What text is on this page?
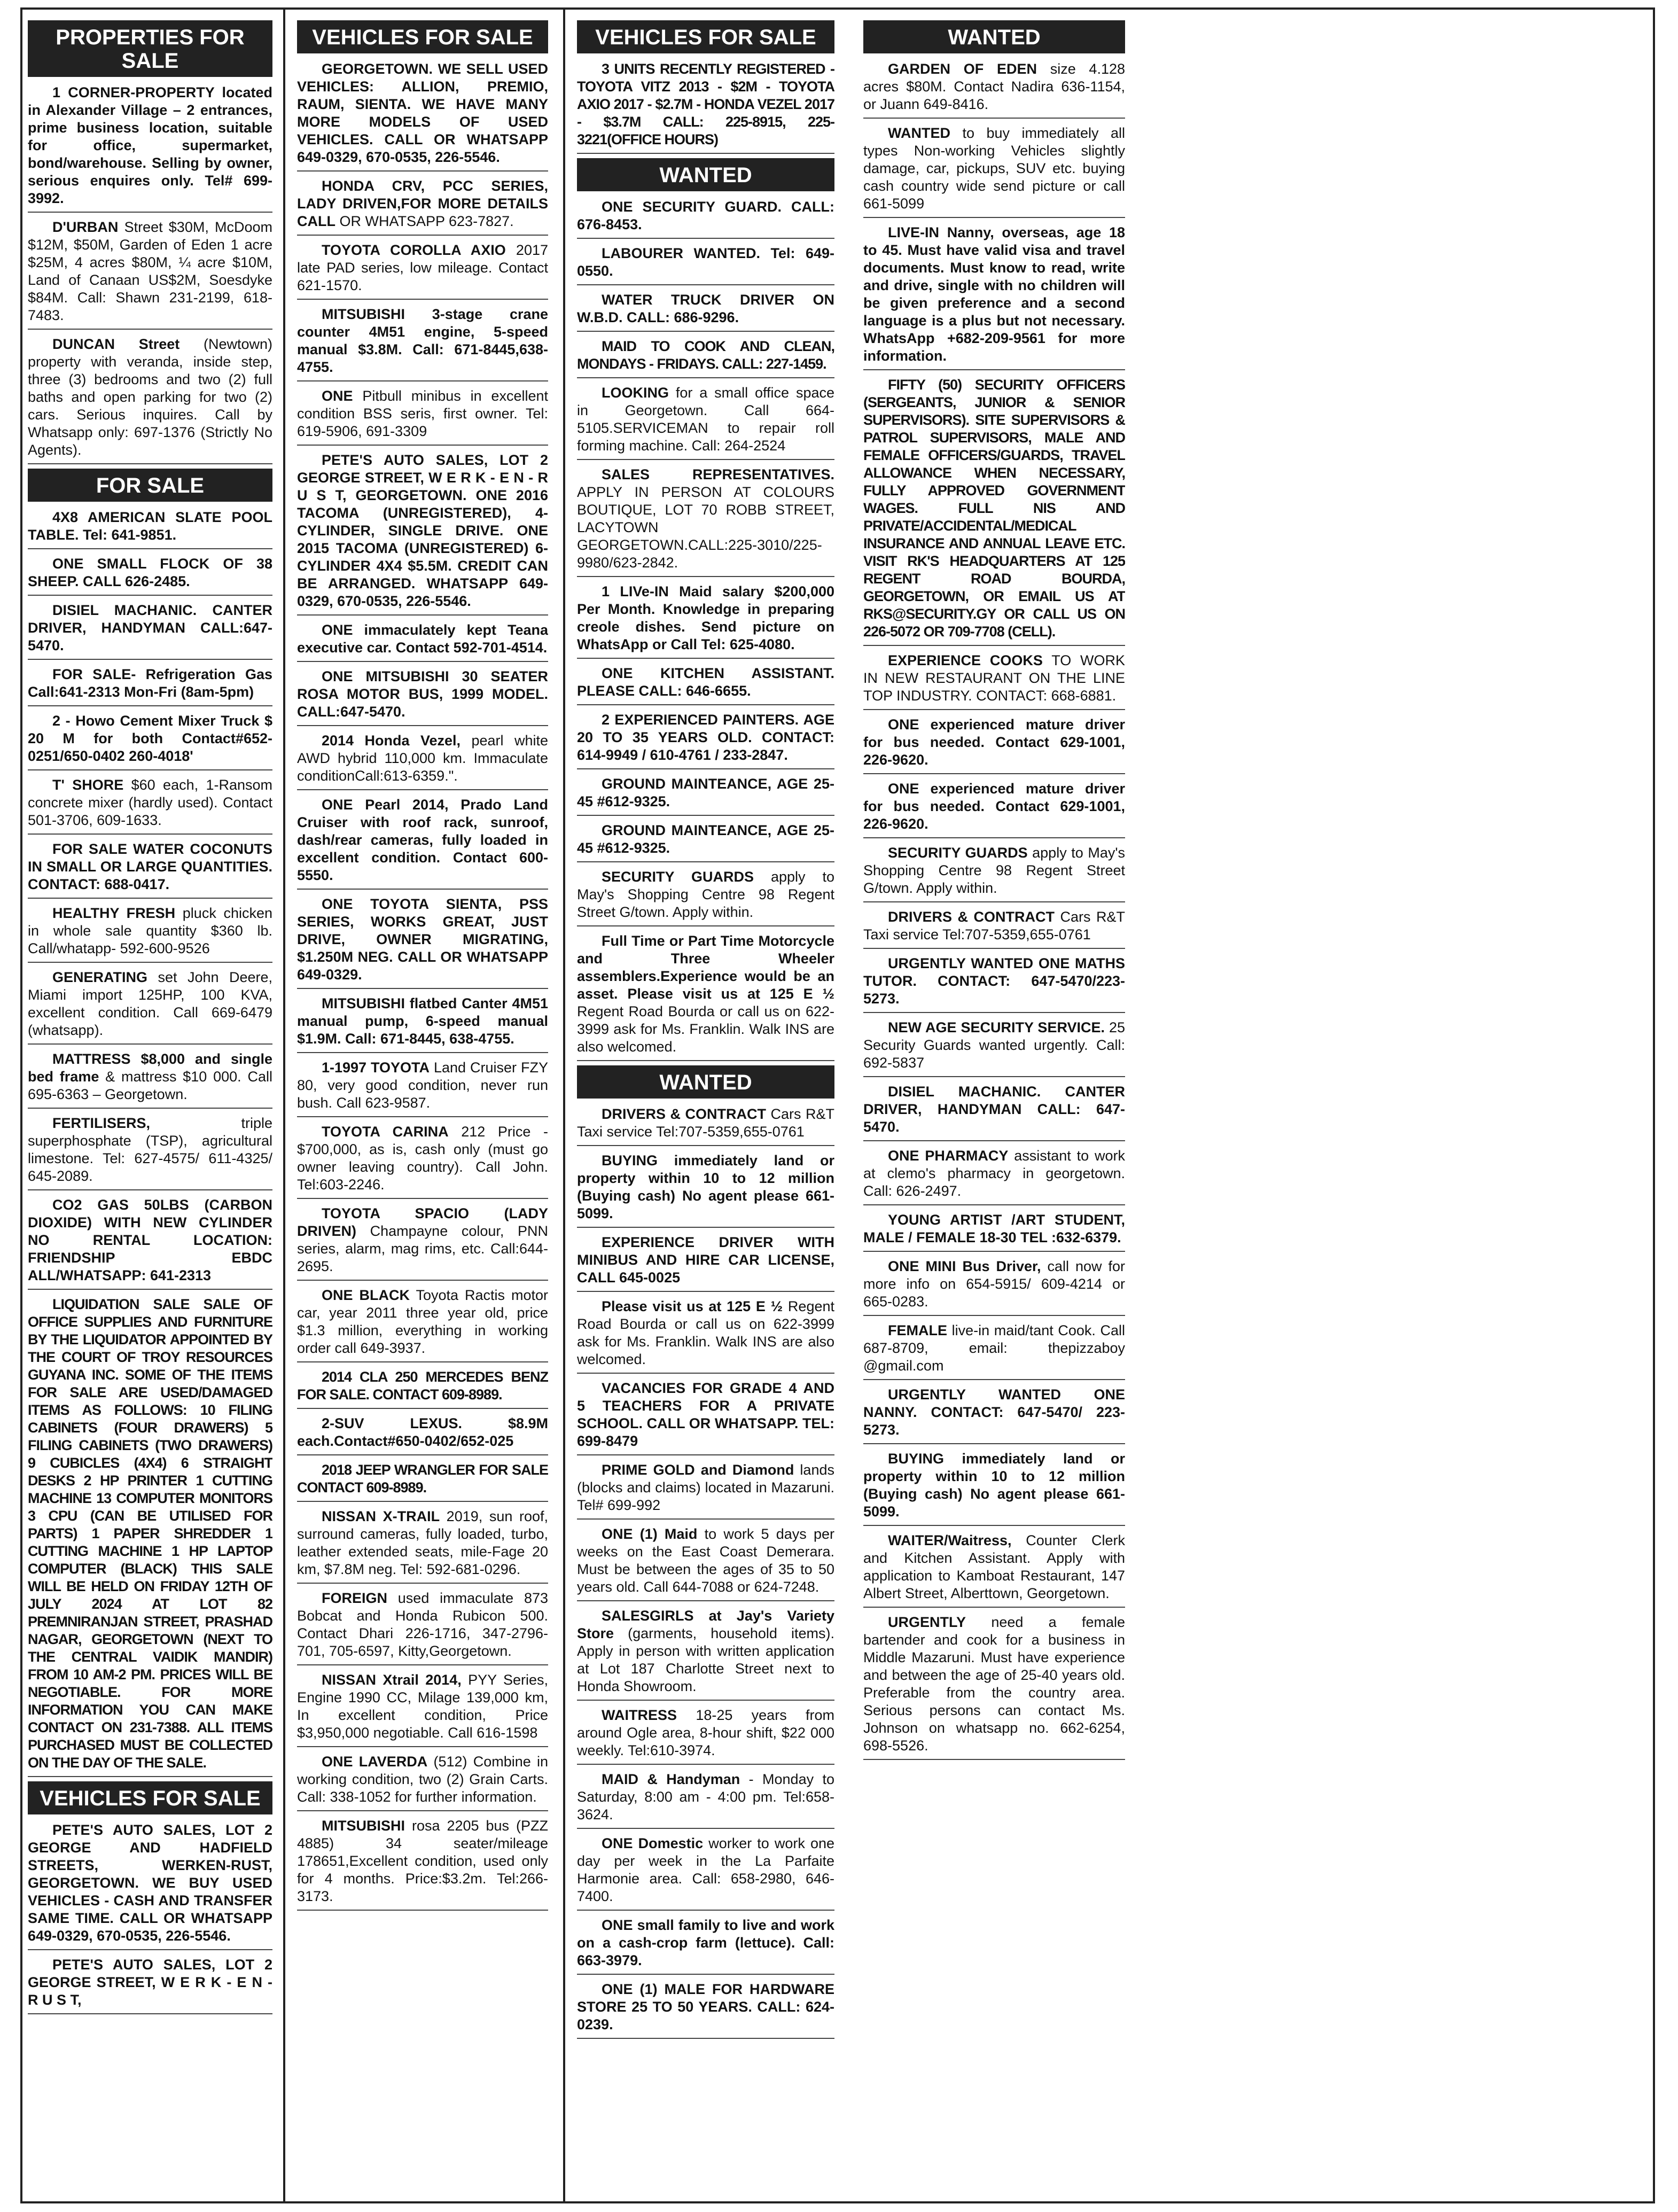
PROPERTIES FOR SALE
1 CORNER-PROPERTY located in Alexander Village – 2 entrances, prime business location, suitable for office, supermarket, bond/warehouse. Selling by owner, serious enquires only. Tel# 699-3992.
D'URBAN Street $30M, McDoom $12M, $50M, Garden of Eden 1 acre $25M, 4 acres $80M, ¼ acre $10M, Land of Canaan US$2M, Soesdyke $84M. Call: Shawn 231-2199, 618-7483.
DUNCAN Street (Newtown) property with veranda, inside step, three (3) bedrooms and two (2) full baths and open parking for two (2) cars. Serious inquires. Call by Whatsapp only: 697-1376 (Strictly No Agents).
FOR SALE
4X8 AMERICAN SLATE POOL TABLE. Tel: 641-9851.
ONE SMALL FLOCK OF 38 SHEEP. CALL 626-2485.
DISIEL MACHANIC. CANTER DRIVER, HANDYMAN CALL:647-5470.
FOR SALE- Refrigeration Gas Call:641-2313 Mon-Fri (8am-5pm)
2 - Howo Cement Mixer Truck $ 20 M for both Contact#652-0251/650-0402 260-4018'
T' SHORE $60 each, 1-Ransom concrete mixer (hardly used). Contact 501-3706, 609-1633.
FOR SALE WATER COCONUTS IN SMALL OR LARGE QUANTITIES. CONTACT: 688-0417.
HEALTHY FRESH pluck chicken in whole sale quantity $360 lb. Call/whatapp- 592-600-9526
GENERATING set John Deere, Miami import 125HP, 100 KVA, excellent condition. Call 669-6479 (whatsapp).
MATTRESS $8,000 and single bed frame & mattress $10 000. Call 695-6363 – Georgetown.
FERTILISERS, triple superphosphate (TSP), agricultural limestone. Tel: 627-4575/ 611-4325/ 645-2089.
CO2 GAS 50LBS (CARBON DIOXIDE) WITH NEW CYLINDER NO RENTAL LOCATION: FRIENDSHIP EBDC ALL/WHATSAPP: 641-2313
LIQUIDATION SALE SALE OF OFFICE SUPPLIES AND FURNITURE BY THE LIQUIDATOR APPOINTED BY THE COURT OF TROY RESOURCES GUYANA INC. SOME OF THE ITEMS FOR SALE ARE USED/DAMAGED ITEMS AS FOLLOWS: 10 FILING CABINETS (FOUR DRAWERS) 5 FILING CABINETS (TWO DRAWERS) 9 CUBICLES (4X4) 6 STRAIGHT DESKS 2 HP PRINTER 1 CUTTING MACHINE 13 COMPUTER MONITORS 3 CPU (CAN BE UTILISED FOR PARTS) 1 PAPER SHREDDER 1 CUTTING MACHINE 1 HP LAPTOP COMPUTER (BLACK) THIS SALE WILL BE HELD ON FRIDAY 12TH OF JULY 2024 AT LOT 82 PREMNIRANJAN STREET, PRASHAD NAGAR, GEORGETOWN (NEXT TO THE CENTRAL VAIDIK MANDIR) FROM 10 AM-2 PM. PRICES WILL BE NEGOTIABLE. FOR MORE INFORMATION YOU CAN MAKE CONTACT ON 231-7388. ALL ITEMS PURCHASED MUST BE COLLECTED ON THE DAY OF THE SALE.
VEHICLES FOR SALE
PETE'S AUTO SALES, LOT 2 GEORGE AND HADFIELD STREETS, WERKEN-RUST, GEORGETOWN. WE BUY USED VEHICLES - CASH AND TRANSFER SAME TIME. CALL OR WHATSAPP 649-0329, 670-0535, 226-5546.
PETE'S AUTO SALES, LOT 2 GEORGE STREET, W E R K - E N - R U S T,
VEHICLES FOR SALE
GEORGETOWN. WE SELL USED VEHICLES: ALLION, PREMIO, RAUM, SIENTA. WE HAVE MANY MORE MODELS OF USED VEHICLES. CALL OR WHATSAPP 649-0329, 670-0535, 226-5546.
HONDA CRV, PCC SERIES, LADY DRIVEN,FOR MORE DETAILS CALL OR WHATSAPP 623-7827.
TOYOTA COROLLA AXIO 2017 late PAD series, low mileage. Contact 621-1570.
MITSUBISHI 3-stage crane counter 4M51 engine, 5-speed manual $3.8M. Call: 671-8445,638-4755.
ONE Pitbull minibus in excellent condition BSS seris, first owner. Tel: 619-5906, 691-3309
PETE'S AUTO SALES, LOT 2 GEORGE STREET, W E R K - E N - R U S T, GEORGETOWN. ONE 2016 TACOMA (UNREGISTERED), 4-CYLINDER, SINGLE DRIVE. ONE 2015 TACOMA (UNREGISTERED) 6-CYLINDER 4X4 $5.5M. CREDIT CAN BE ARRANGED. WHATSAPP 649-0329, 670-0535, 226-5546.
ONE immaculately kept Teana executive car. Contact 592-701-4514.
ONE MITSUBISHI 30 SEATER ROSA MOTOR BUS, 1999 MODEL. CALL:647-5470.
2014 Honda Vezel, pearl white AWD hybrid 110,000 km. Immaculate conditionCall:613-6359.".
ONE Pearl 2014, Prado Land Cruiser with roof rack, sunroof, dash/rear cameras, fully loaded in excellent condition. Contact 600-5550.
ONE TOYOTA SIENTA, PSS SERIES, WORKS GREAT, JUST DRIVE, OWNER MIGRATING, $1.250M NEG. CALL OR WHATSAPP 649-0329.
MITSUBISHI flatbed Canter 4M51 manual pump, 6-speed manual $1.9M. Call: 671-8445, 638-4755.
1-1997 TOYOTA Land Cruiser FZY 80, very good condition, never run bush. Call 623-9587.
TOYOTA CARINA 212 Price - $700,000, as is, cash only (must go owner leaving country). Call John. Tel:603-2246.
TOYOTA SPACIO (LADY DRIVEN) Champayne colour, PNN series, alarm, mag rims, etc. Call:644-2695.
ONE BLACK Toyota Ractis motor car, year 2011 three year old, price $1.3 million, everything in working order call 649-3937.
2014 CLA 250 MERCEDES BENZ FOR SALE. CONTACT 609-8989.
2-SUV LEXUS. $8.9M each.Contact#650-0402/652-025
2018 JEEP WRANGLER FOR SALE CONTACT 609-8989.
NISSAN X-TRAIL 2019, sun roof, surround cameras, fully loaded, turbo, leather extended seats, mile-Fage 20 km, $7.8M neg. Tel: 592-681-0296.
FOREIGN used immaculate 873 Bobcat and Honda Rubicon 500. Contact Dhari 226-1716, 347-2796-701, 705-6597, Kitty,Georgetown.
NISSAN Xtrail 2014, PYY Series, Engine 1990 CC, Milage 139,000 km, In excellent condition, Price $3,950,000 negotiable. Call 616-1598
ONE LAVERDA (512) Combine in working condition, two (2) Grain Carts. Call: 338-1052 for further information.
MITSUBISHI rosa 2205 bus (PZZ 4885) 34 seater/mileage 178651,Excellent condition, used only for 4 months. Price:$3.2m. Tel:266-3173.
VEHICLES FOR SALE
3 UNITS RECENTLY REGISTERED - TOYOTA VITZ 2013 - $2M - TOYOTA AXIO 2017 - $2.7M - HONDA VEZEL 2017 - $3.7M CALL: 225-8915, 225-3221(OFFICE HOURS)
WANTED
ONE SECURITY GUARD. CALL: 676-8453.
LABOURER WANTED. Tel: 649-0550.
WATER TRUCK DRIVER ON W.B.D. CALL: 686-9296.
MAID TO COOK AND CLEAN, MONDAYS - FRIDAYS. CALL: 227-1459.
LOOKING for a small office space in Georgetown. Call 664-5105.SERVICEMAN to repair roll forming machine. Call: 264-2524
SALES REPRESENTATIVES. APPLY IN PERSON AT COLOURS BOUTIQUE, LOT 70 ROBB STREET, LACYTOWN GEORGETOWN.CALL:225-3010/225-9980/623-2842.
1 LIVe-IN Maid salary $200,000 Per Month. Knowledge in preparing creole dishes. Send picture on WhatsApp or Call Tel: 625-4080.
ONE KITCHEN ASSISTANT. PLEASE CALL: 646-6655.
2 EXPERIENCED PAINTERS. AGE 20 TO 35 YEARS OLD. CONTACT: 614-9949 / 610-4761 / 233-2847.
GROUND MAINTEANCE, AGE 25-45 #612-9325.
GROUND MAINTEANCE, AGE 25-45 #612-9325.
SECURITY GUARDS apply to May's Shopping Centre 98 Regent Street G/town. Apply within.
Full Time or Part Time Motorcycle and Three Wheeler assemblers.Experience would be an asset. Please visit us at 125 E ½ Regent Road Bourda or call us on 622-3999 ask for Ms. Franklin. Walk INS are also welcomed.
WANTED
DRIVERS & CONTRACT Cars R&T Taxi service Tel:707-5359,655-0761
BUYING immediately land or property within 10 to 12 million (Buying cash) No agent please 661-5099.
EXPERIENCE DRIVER WITH MINIBUS AND HIRE CAR LICENSE, CALL 645-0025
Please visit us at 125 E ½ Regent Road Bourda or call us on 622-3999 ask for Ms. Franklin. Walk INS are also welcomed.
VACANCIES FOR GRADE 4 AND 5 TEACHERS FOR A PRIVATE SCHOOL. CALL OR WHATSAPP. TEL: 699-8479
PRIME GOLD and Diamond lands (blocks and claims) located in Mazaruni. Tel# 699-992
ONE (1) Maid to work 5 days per weeks on the East Coast Demerara. Must be between the ages of 35 to 50 years old. Call 644-7088 or 624-7248.
SALESGIRLS at Jay's Variety Store (garments, household items). Apply in person with written application at Lot 187 Charlotte Street next to Honda Showroom.
WAITRESS 18-25 years from around Ogle area, 8-hour shift, $22 000 weekly. Tel:610-3974.
MAID & Handyman - Monday to Saturday, 8:00 am - 4:00 pm. Tel:658-3624.
ONE Domestic worker to work one day per week in the La Parfaite Harmonie area. Call: 658-2980, 646-7400.
ONE small family to live and work on a cash-crop farm (lettuce). Call: 663-3979.
ONE (1) MALE FOR HARDWARE STORE 25 TO 50 YEARS. CALL: 624-0239.
WANTED
GARDEN OF EDEN size 4.128 acres $80M. Contact Nadira 636-1154, or Juann 649-8416.
WANTED to buy immediately all types Non-working Vehicles slightly damage, car, pickups, SUV etc. buying cash country wide send picture or call 661-5099
LIVE-IN Nanny, overseas, age 18 to 45. Must have valid visa and travel documents. Must know to read, write and drive, single with no children will be given preference and a second language is a plus but not necessary. WhatsApp +682-209-9561 for more information.
FIFTY (50) SECURITY OFFICERS (SERGEANTS, JUNIOR & SENIOR SUPERVISORS). SITE SUPERVISORS & PATROL SUPERVISORS, MALE AND FEMALE OFFICERS/GUARDS, TRAVEL ALLOWANCE WHEN NECESSARY, FULLY APPROVED GOVERNMENT WAGES. FULL NIS AND PRIVATE/ACCIDENTAL/MEDICAL INSURANCE AND ANNUAL LEAVE ETC. VISIT RK'S HEADQUARTERS AT 125 REGENT ROAD BOURDA, GEORGETOWN, OR EMAIL US AT RKS@SECURITY.GY OR CALL US ON 226-5072 OR 709-7708 (CELL).
EXPERIENCE COOKS TO WORK IN NEW RESTAURANT ON THE LINE TOP INDUSTRY. CONTACT: 668-6881.
ONE experienced mature driver for bus needed. Contact 629-1001, 226-9620.
ONE experienced mature driver for bus needed. Contact 629-1001, 226-9620.
SECURITY GUARDS apply to May's Shopping Centre 98 Regent Street G/town. Apply within.
DRIVERS & CONTRACT Cars R&T Taxi service Tel:707-5359,655-0761
URGENTLY WANTED ONE MATHS TUTOR. CONTACT: 647-5470/223-5273.
NEW AGE SECURITY SERVICE. 25 Security Guards wanted urgently. Call: 692-5837
DISIEL MACHANIC. CANTER DRIVER, HANDYMAN CALL: 647-5470.
ONE PHARMACY assistant to work at clemo's pharmacy in georgetown. Call: 626-2497.
YOUNG ARTIST /ART STUDENT, MALE / FEMALE 18-30 TEL :632-6379.
ONE MINI Bus Driver, call now for more info on 654-5915/ 609-4214 or 665-0283.
FEMALE live-in maid/tant Cook. Call 687-8709, email: thepizzaboy @gmail.com
URGENTLY WANTED ONE NANNY. CONTACT: 647-5470/ 223-5273.
BUYING immediately land or property within 10 to 12 million (Buying cash) No agent please 661-5099.
WAITER/Waitress, Counter Clerk and Kitchen Assistant. Apply with application to Kamboat Restaurant, 147 Albert Street, Alberttown, Georgetown.
URGENTLY need a female bartender and cook for a business in Middle Mazaruni. Must have experience and between the age of 25-40 years old. Preferable from the country area. Serious persons can contact Ms. Johnson on whatsapp no. 662-6254, 698-5526.
